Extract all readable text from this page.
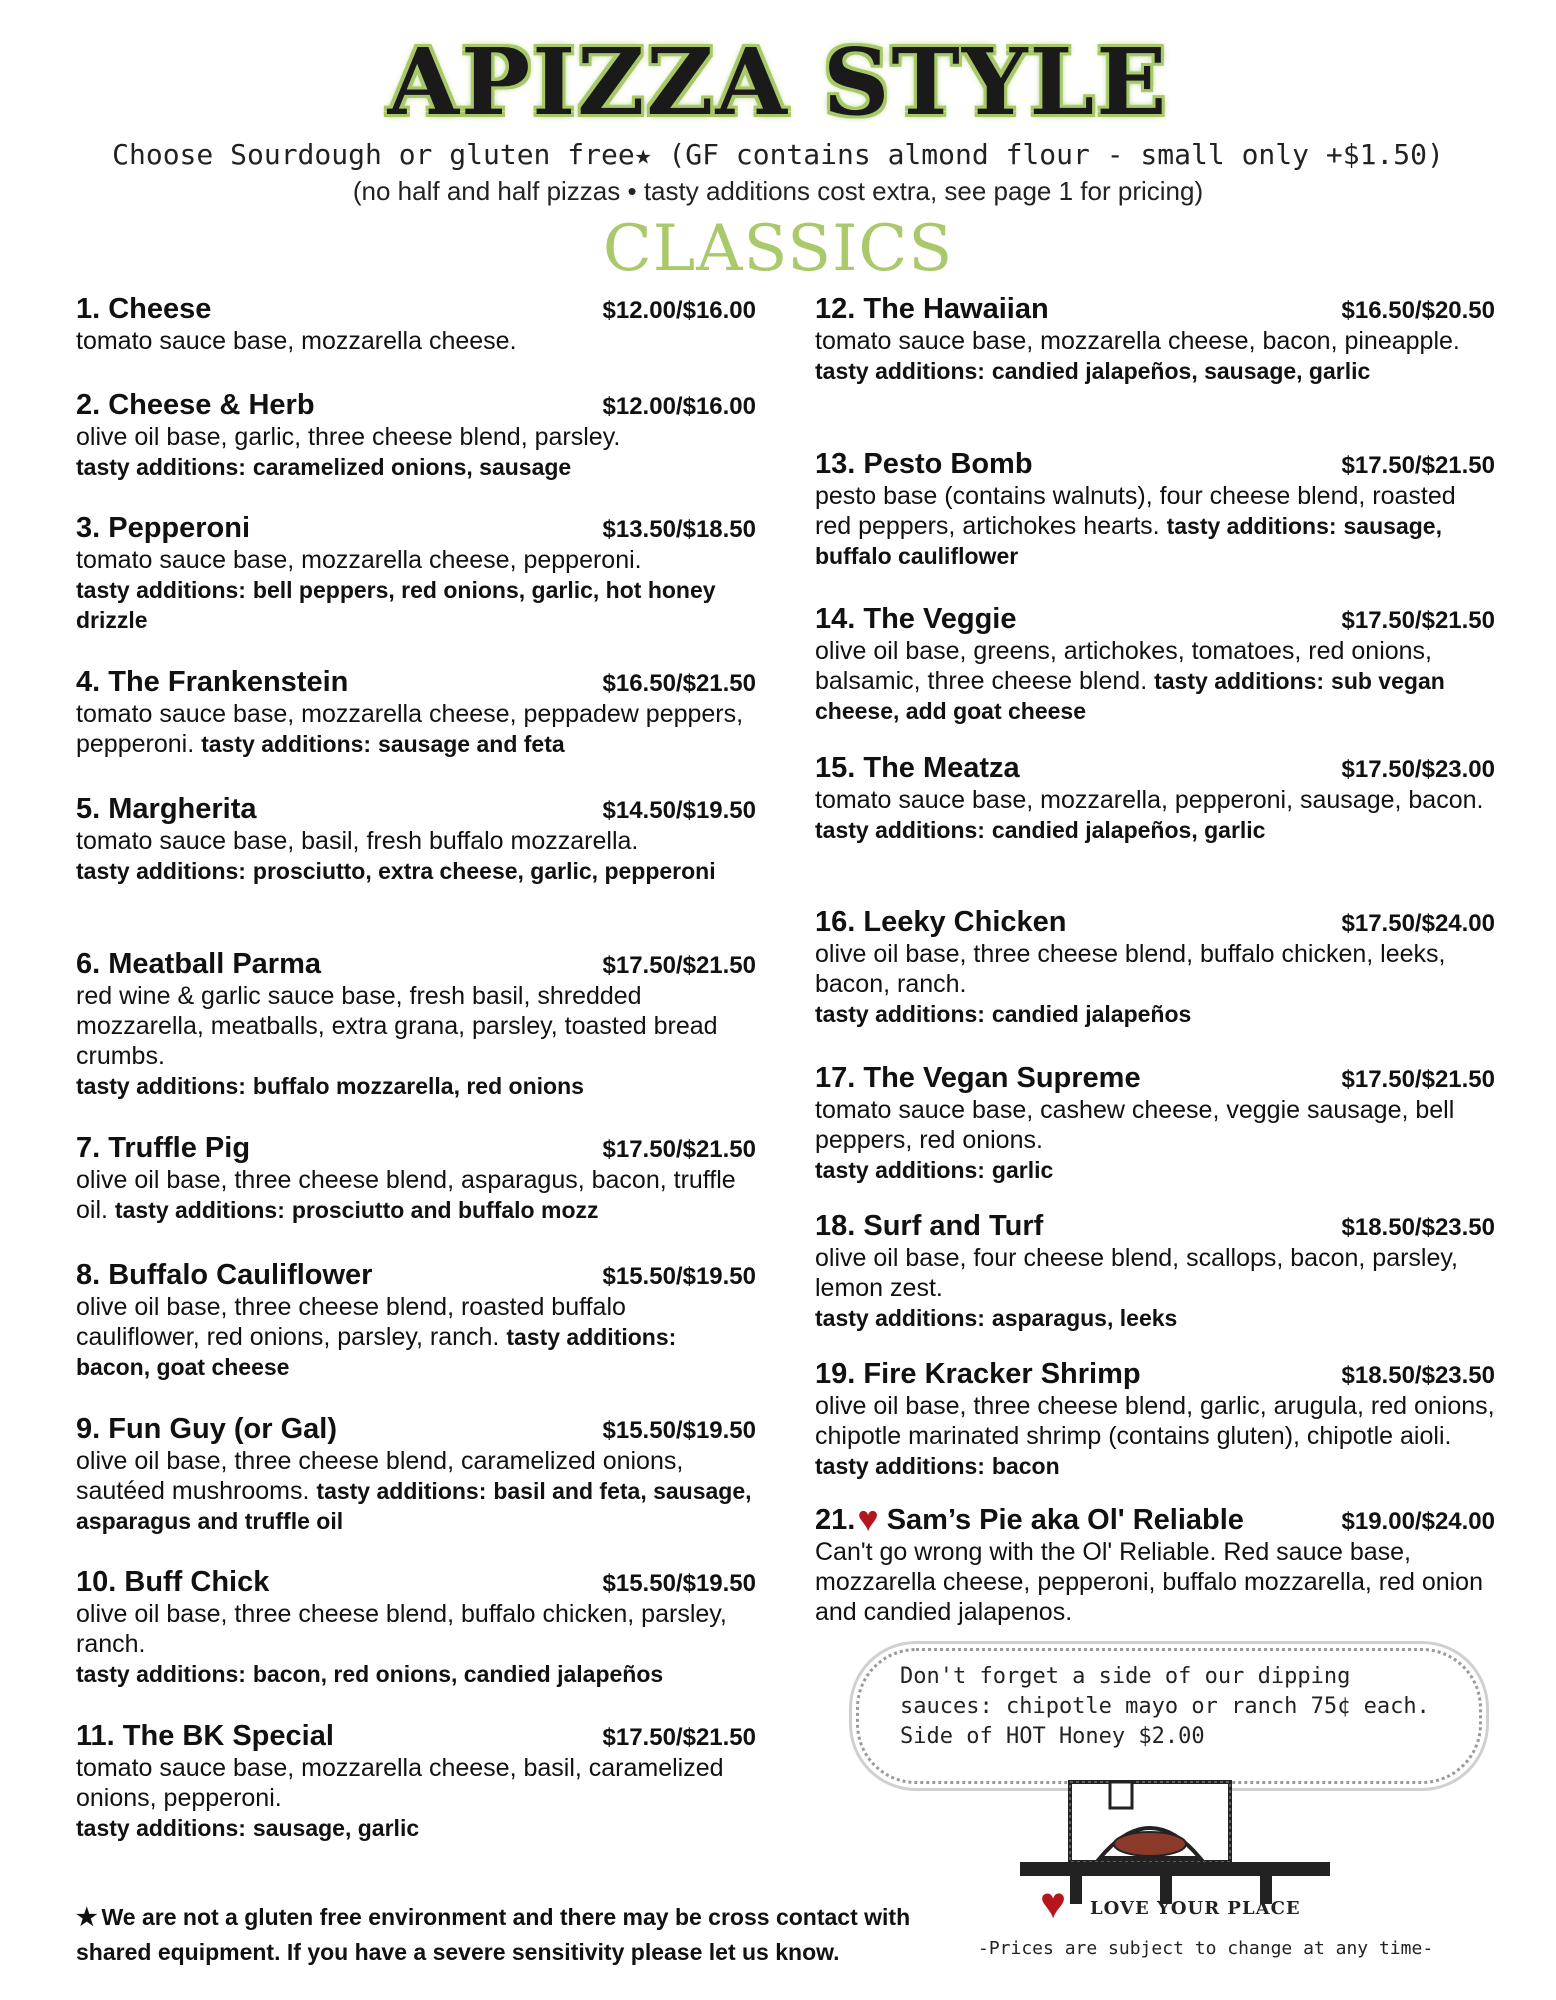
APIZZA STYLE
Choose Sourdough or gluten free★ (GF contains almond flour - small only +$1.50)
(no half and half pizzas • tasty additions cost extra, see page 1 for pricing)
CLASSICS
1. Cheese	$12.00/$16.00
tomato sauce base, mozzarella cheese.
2. Cheese & Herb	$12.00/$16.00
olive oil base, garlic, three cheese blend, parsley.
tasty additions: caramelized onions, sausage
3. Pepperoni	$13.50/$18.50
tomato sauce base, mozzarella cheese, pepperoni.
tasty additions: bell peppers, red onions, garlic, hot honey drizzle
4. The Frankenstein	$16.50/$21.50
tomato sauce base, mozzarella cheese, peppadew peppers, pepperoni. tasty additions: sausage and feta
5. Margherita	$14.50/$19.50
tomato sauce base, basil, fresh buffalo mozzarella.
tasty additions: prosciutto, extra cheese, garlic, pepperoni
6. Meatball Parma	$17.50/$21.50
red wine & garlic sauce base, fresh basil, shredded mozzarella, meatballs, extra grana, parsley, toasted bread crumbs.
tasty additions: buffalo mozzarella, red onions
7. Truffle Pig	$17.50/$21.50
olive oil base, three cheese blend, asparagus, bacon, truffle oil. tasty additions: prosciutto and buffalo mozz
8. Buffalo Cauliflower	$15.50/$19.50
olive oil base, three cheese blend, roasted buffalo cauliflower, red onions, parsley, ranch. tasty additions: bacon, goat cheese
9. Fun Guy (or Gal)	$15.50/$19.50
olive oil base, three cheese blend, caramelized onions, sautéed mushrooms. tasty additions: basil and feta, sausage, asparagus and truffle oil
10. Buff Chick	$15.50/$19.50
olive oil base, three cheese blend, buffalo chicken, parsley, ranch.
tasty additions: bacon, red onions, candied jalapeños
11. The BK Special	$17.50/$21.50
tomato sauce base, mozzarella cheese, basil, caramelized onions, pepperoni.
tasty additions: sausage, garlic
12. The Hawaiian	$16.50/$20.50
tomato sauce base, mozzarella cheese, bacon, pineapple.
tasty additions: candied jalapeños, sausage, garlic
13. Pesto Bomb	$17.50/$21.50
pesto base (contains walnuts), four cheese blend, roasted red peppers, artichokes hearts. tasty additions: sausage, buffalo cauliflower
14. The Veggie	$17.50/$21.50
olive oil base, greens, artichokes, tomatoes, red onions, balsamic, three cheese blend. tasty additions: sub vegan cheese, add goat cheese
15. The Meatza	$17.50/$23.00
tomato sauce base, mozzarella, pepperoni, sausage, bacon.
tasty additions: candied jalapeños, garlic
16. Leeky Chicken	$17.50/$24.00
olive oil base, three cheese blend, buffalo chicken, leeks, bacon, ranch.
tasty additions: candied jalapeños
17. The Vegan Supreme	$17.50/$21.50
tomato sauce base, cashew cheese, veggie sausage, bell peppers, red onions.
tasty additions: garlic
18. Surf and Turf	$18.50/$23.50
olive oil base, four cheese blend, scallops, bacon, parsley, lemon zest.
tasty additions: asparagus, leeks
19. Fire Kracker Shrimp	$18.50/$23.50
olive oil base, three cheese blend, garlic, arugula, red onions, chipotle marinated shrimp (contains gluten), chipotle aioli. tasty additions: bacon
21.♥ Sam’s Pie aka Ol' Reliable	$19.00/$24.00
Can't go wrong with the Ol' Reliable. Red sauce base, mozzarella cheese, pepperoni, buffalo mozzarella, red onion and candied jalapenos.
Don't forget a side of our dipping sauces: chipotle mayo or ranch 75¢ each. Side of HOT Honey $2.00
♥ LOVE YOUR PLACE
-Prices are subject to change at any time-
★ We are not a gluten free environment and there may be cross contact with shared equipment. If you have a severe sensitivity please let us know.
